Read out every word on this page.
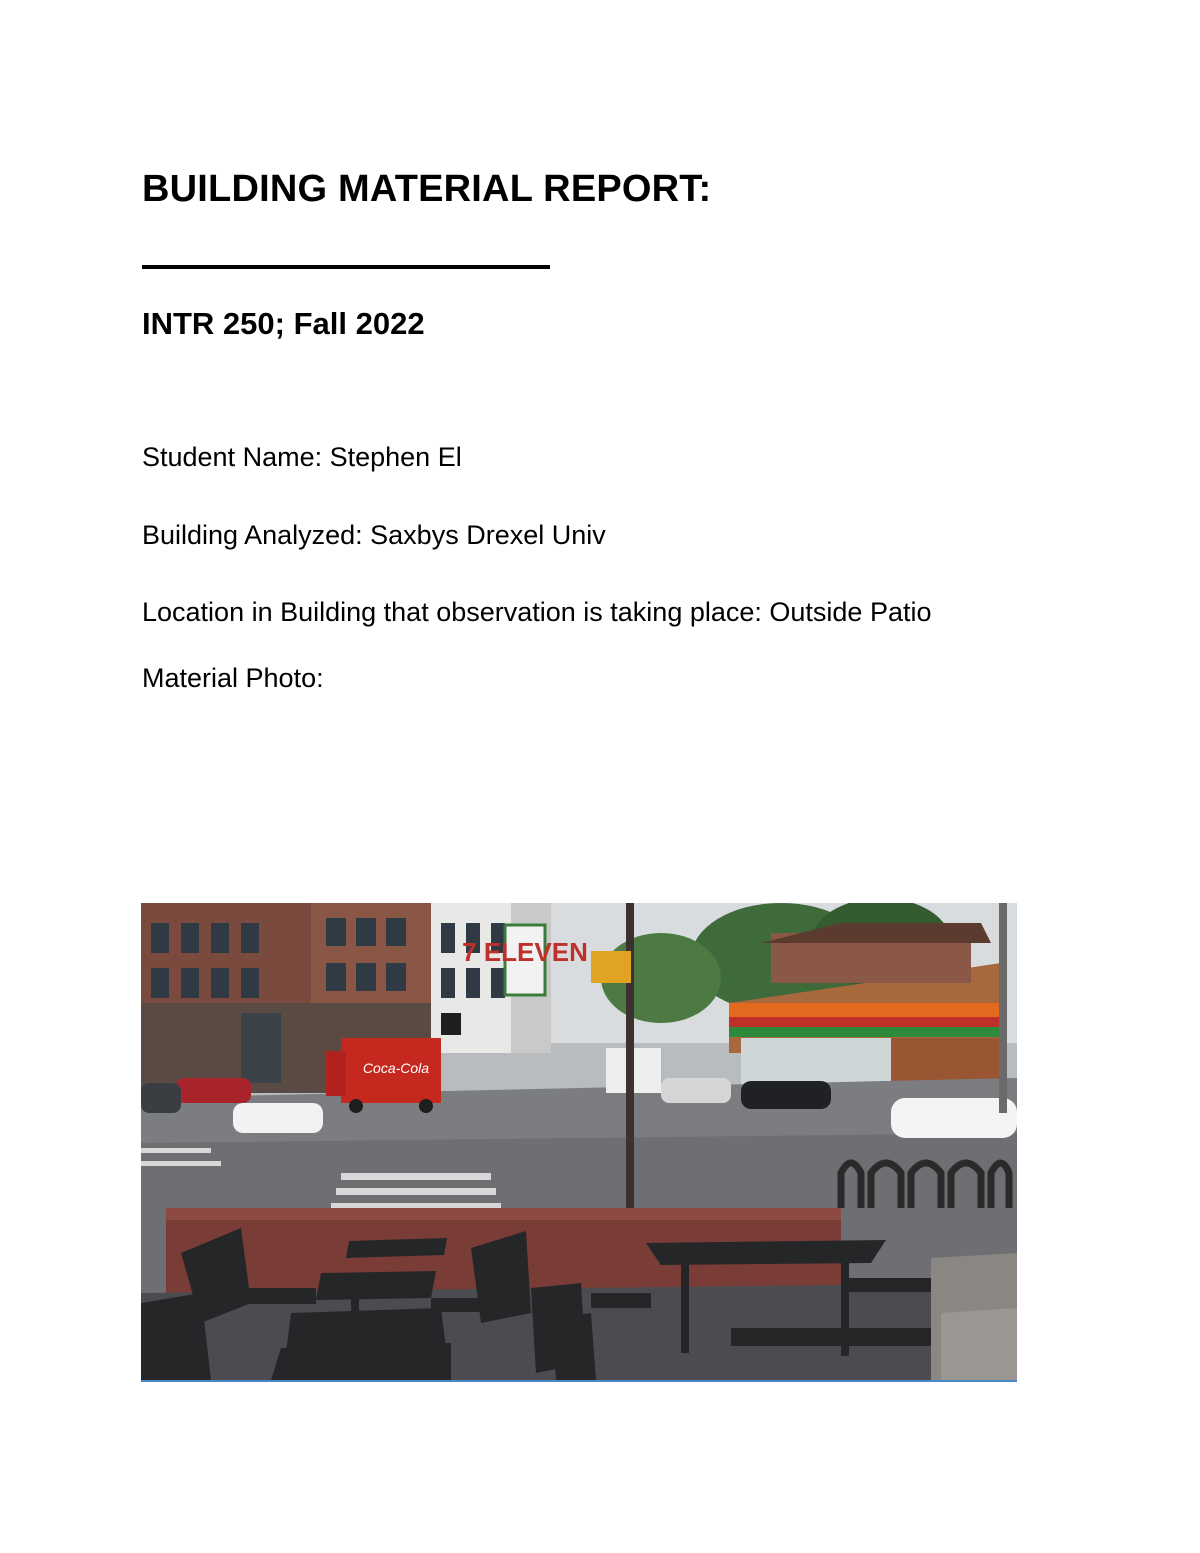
BUILDING MATERIAL REPORT:
INTR 250; Fall 2022
Student Name: Stephen El
Building Analyzed: Saxbys Drexel Univ
Location in Building that observation is taking place: Outside Patio
Material Photo:
7 ELEVEN
Coca-Cola
